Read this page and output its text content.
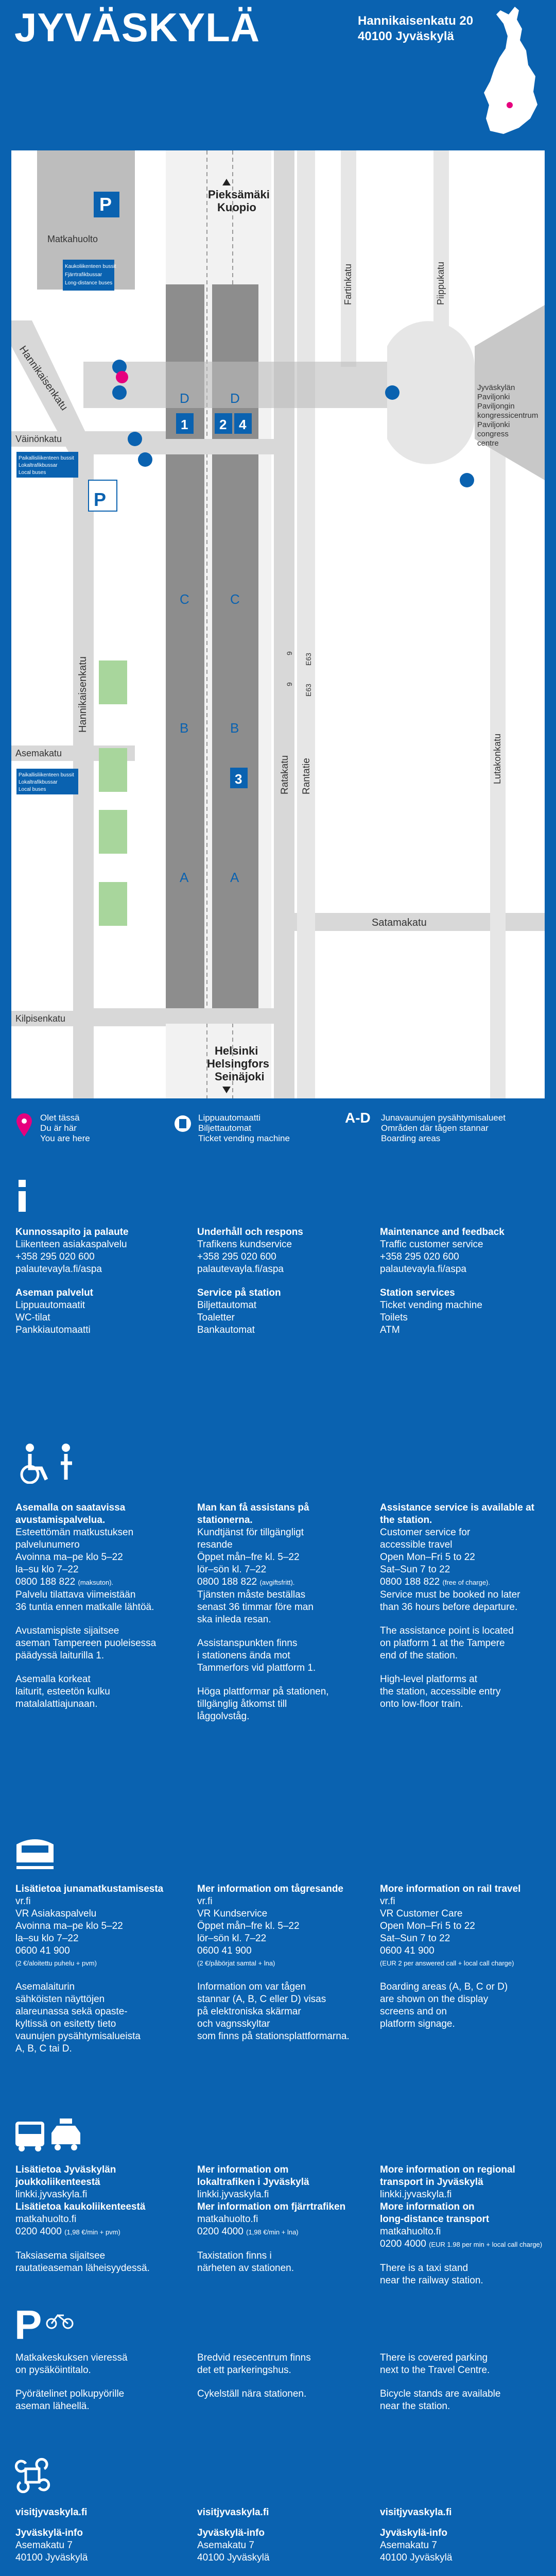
JYVÄSKYLÄ	Hannikaisenkatu 20
40100 Jyväskylä
Hannikaisenkatu
Hannikaisenkatu
Väinönkatu
Asemakatu
Kilpisenkatu
Satamakatu
Ratakatu Rantatie
Fartinkatu	Piippukatu
Lutakonkatu
9
9
E63
E63
Matkahuolto
Jyväskylän
Paviljonki
Paviljongin
kongressicentrum
Paviljonki
congress
centre
Pieksämäki
Kuopio
Helsinki
Helsingfors
Seinäjoki
1 2 4
3
D	D
C	C
B	B
A	A
P
P
Kaukoliikenteen bussit
Fjärrtrafikbussar
Long-distance buses
Paikallisliikenteen bussit
Lokaltrafikbussar
Local buses
Paikallisliikenteen bussit
Lokaltrafikbussar
Local buses
Olet tässä
Du är här
You are here
Lippuautomaatti
Biljettautomat
Ticket vending machine
A-D Junavaunujen pysähtymisalueet
Områden där tågen stannar
Boarding areas
Kunnossapito ja palaute
Liikenteen asiakaspalvelu
+358 295 020 600
palautevayla.fi/aspa
Aseman palvelut
Lippuautomaatit
WC-tilat
Pankkiautomaatti
Underhåll och respons
Trafikens kundservice
+358 295 020 600
palautevayla.fi/aspa
Service på station
Biljettautomat
Toaletter
Bankautomat
Maintenance and feedback
Traffic customer service
+358 295 020 600
palautevayla.fi/aspa
Station services
Ticket vending machine
Toilets
ATM
Asemalla on saatavissa avustamispalvelua.
Esteettömän matkustuksen
palvelunumero
Avoinna ma–pe klo 5–22
la–su klo 7–22
0800 188 822 (maksuton).
Palvelu tilattava viimeistään
36 tuntia ennen matkalle lähtöä.
Avustamispiste sijaitsee
aseman Tampereen puoleisessa
päädyssä laiturilla 1.
Asemalla korkeat
laiturit, esteetön kulku
matalalattiajunaan.
Man kan få assistans på stationerna.
Kundtjänst för tillgängligt
resande
Öppet mån–fre kl. 5–22
lör–sön kl. 7–22
0800 188 822 (avgiftsfritt).
Tjänsten måste beställas
senast 36 timmar före man
ska inleda resan.
Assistanspunkten finns
i stationens ända mot
Tammerfors vid plattform 1.
Höga plattformar på stationen,
tillgänglig åtkomst till
låggolvståg.
Assistance service is available at the station.
Customer service for
accessible travel
Open Mon–Fri 5 to 22
Sat–Sun 7 to 22
0800 188 822 (free of charge).
Service must be booked no later
than 36 hours before departure.
The assistance point is located
on platform 1 at the Tampere
end of the station.
High-level platforms at
the station, accessible entry
onto low-floor train.
Lisätietoa junamatkustamisesta
vr.fi
VR Asiakaspalvelu
Avoinna ma–pe klo 5–22
la–su klo 7–22
0600 41 900
(2 €/aloitettu puhelu + pvm)
Asemalaiturin
sähköisten näyttöjen
alareunassa sekä opaste-
kyltissä on esitetty tieto
vaunujen pysähtymisalueista
A, B, C tai D.
Mer information om tågresande
vr.fi
VR Kundservice
Öppet mån–fre kl. 5–22
lör–sön kl. 7–22
0600 41 900
(2 €/påbörjat samtal + lna)
Information om var tågen
stannar (A, B, C eller D) visas
på elektroniska skärmar
och vagnsskyltar
som finns på stationsplattformarna.
More information on rail travel
vr.fi
VR Customer Care
Open Mon–Fri 5 to 22
Sat–Sun 7 to 22
0600 41 900
(EUR 2 per answered call + local call charge)
Boarding areas (A, B, C or D)
are shown on the display
screens and on
platform signage.
Lisätietoa Jyväskylän
joukkoliikenteestä
linkki.jyvaskyla.fi
Lisätietoa kaukoliikenteestä
matkahuolto.fi
0200 4000 (1,98 €/min + pvm)
Taksiasema sijaitsee
rautatieaseman läheisyydessä.
Mer information om
lokaltrafiken i Jyväskylä
linkki.jyvaskyla.fi
Mer information om fjärrtrafiken
matkahuolto.fi
0200 4000 (1,98 €/min + lna)
Taxistation finns i
närheten av stationen.
More information on regional
transport in Jyväskylä
linkki.jyvaskyla.fi
More information on
long-distance transport
matkahuolto.fi
0200 4000 (EUR 1.98 per min + local call charge)
There is a taxi stand
near the railway station.
P
Matkakeskuksen vieressä
on pysäköintitalo.
Pyöräteline​t polkupyörille
aseman läheellä.
Bredvid resecentrum finns
det ett parkeringshus.
Cykelställ nära stationen.
There is covered parking
next to the Travel Centre.
Bicycle stands are available
near the station.
visitjyvaskyla.fi
Jyväskylä-info
Asemakatu 7
40100 Jyväskylä
visitjyvaskyla.fi
Jyväskylä-info
Asemakatu 7
40100 Jyväskylä
visitjyvaskyla.fi
Jyväskylä-info
Asemakatu 7
40100 Jyväskylä
